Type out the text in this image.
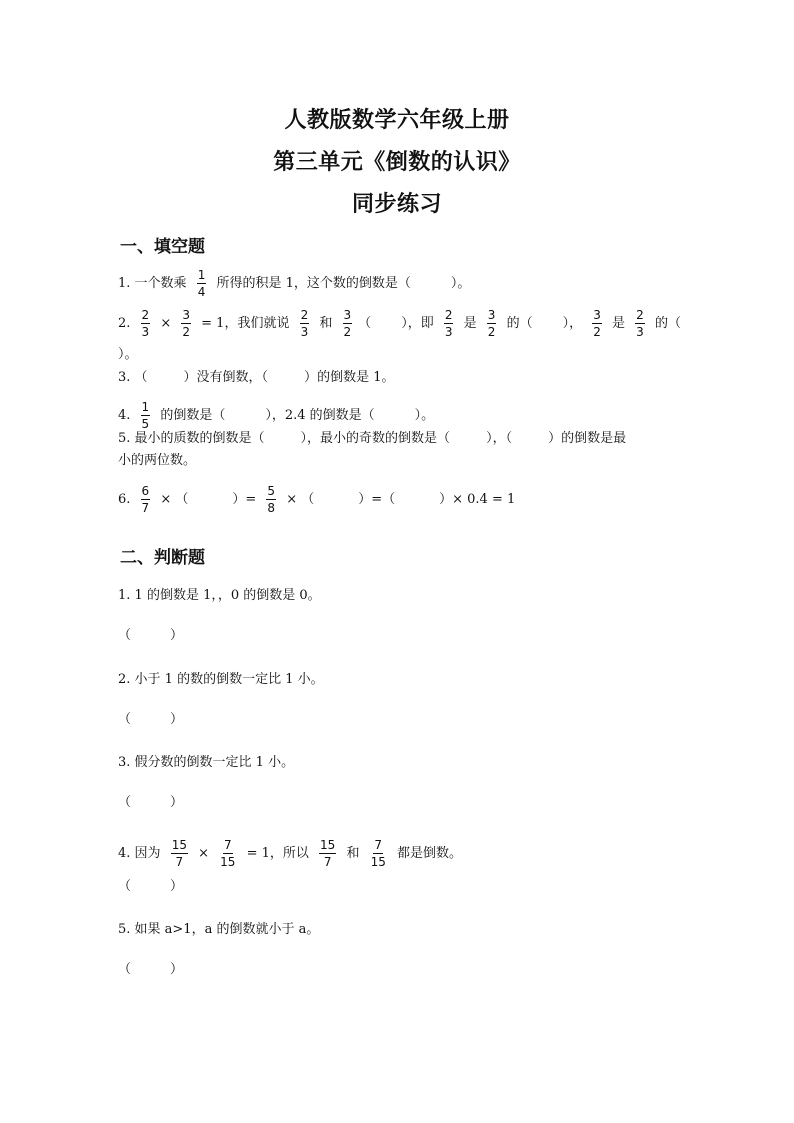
人教版数学六年级上册
第三单元《倒数的认识》
同步练习
一、填空题
1. 一个数乘 $\frac{1}{4}$ 所得的积是 1，这个数的倒数是（	）。
2. $\frac{2}{3} \times \frac{3}{2} = 1$，我们就说 $\frac{2}{3}$ 和 $\frac{3}{2}$ （ ），即 $\frac{2}{3}$ 是 $\frac{3}{2}$ 的（ ）， $\frac{3}{2}$ 是 $\frac{2}{3}$ 的（
）。
3. （	）没有倒数，（	）的倒数是 1。
4. $\frac{1}{5}$ 的倒数是（	），2.4 的倒数是（	）。
5. 最小的质数的倒数是（	），最小的奇数的倒数是（	），（	）的倒数是最
小的两位数。
6. $\frac{6}{7}$ × （	）= $\frac{5}{8}$ × （	）=（	）× 0.4 = 1
二、判断题
1. 1 的倒数是 1，，0 的倒数是 0。
（　　　）
2. 小于 1 的数的倒数一定比 1 小。
（　　　）
3. 假分数的倒数一定比 1 小。
（　　　）
4. 因为 $\frac{15}{7} \times \frac{7}{15} = 1$，所以 $\frac{15}{7}$ 和 $\frac{7}{15}$ 都是倒数。
（　　　）
5. 如果 a>1，a 的倒数就小于 a。
（　　　）
